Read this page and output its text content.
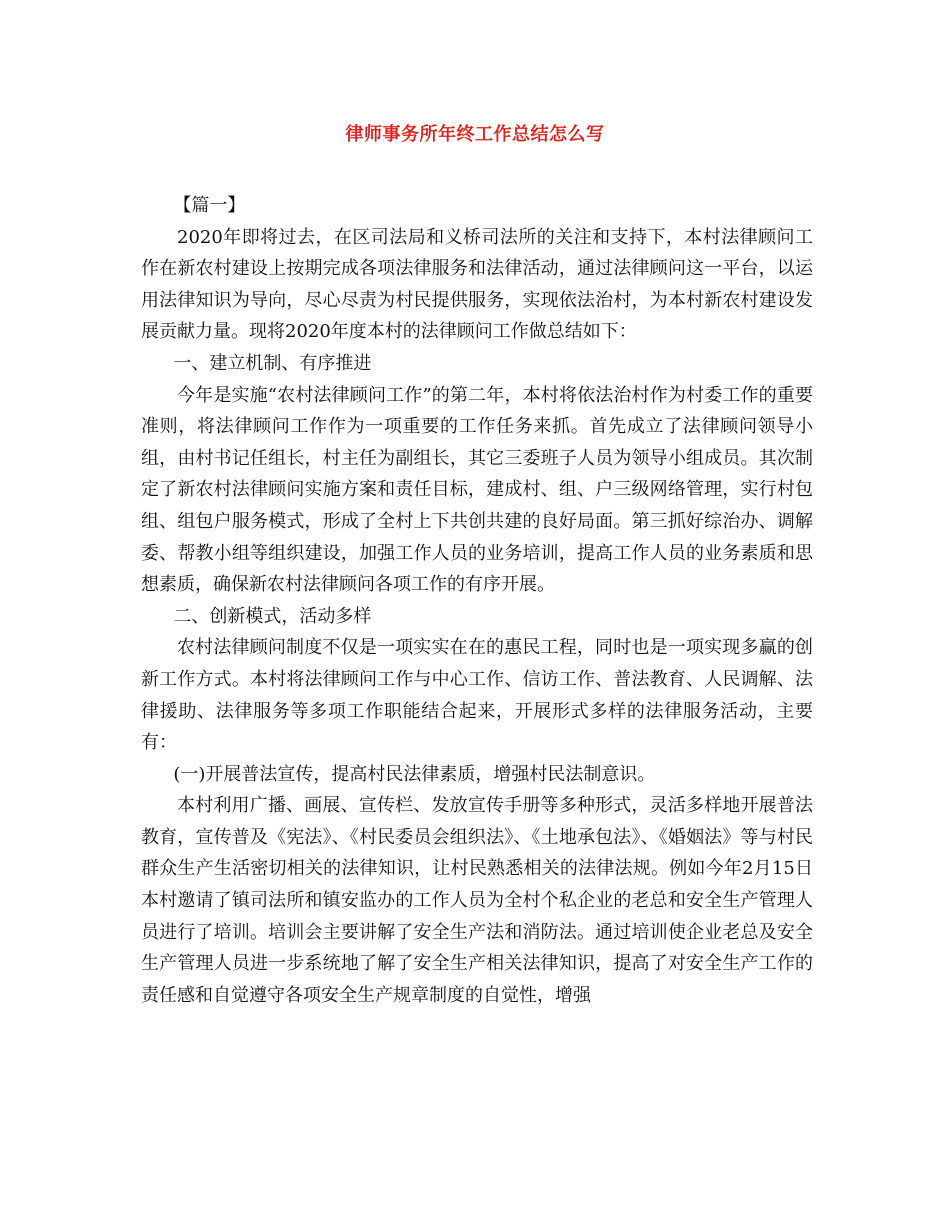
律师事务所年终工作总结怎么写

【篇一】

2020年即将过去，在区司法局和义桥司法所的关注和支持下，本村法律顾问工作在新农村建设上按期完成各项法律服务和法律活动，通过法律顾问这一平台，以运用法律知识为导向，尽心尽责为村民提供服务，实现依法治村，为本村新农村建设发展贡献力量。现将2020年度本村的法律顾问工作做总结如下：

一、建立机制、有序推进

今年是实施“农村法律顾问工作”的第二年，本村将依法治村作为村委工作的重要准则，将法律顾问工作作为一项重要的工作任务来抓。首先成立了法律顾问领导小组，由村书记任组长，村主任为副组长，其它三委班子人员为领导小组成员。其次制定了新农村法律顾问实施方案和责任目标，建成村、组、户三级网络管理，实行村包组、组包户服务模式，形成了全村上下共创共建的良好局面。第三抓好综治办、调解委、帮教小组等组织建设，加强工作人员的业务培训，提高工作人员的业务素质和思想素质，确保新农村法律顾问各项工作的有序开展。

二、创新模式，活动多样

农村法律顾问制度不仅是一项实实在在的惠民工程，同时也是一项实现多赢的创新工作方式。本村将法律顾问工作与中心工作、信访工作、普法教育、人民调解、法律援助、法律服务等多项工作职能结合起来，开展形式多样的法律服务活动，主要有：

(一)开展普法宣传，提高村民法律素质，增强村民法制意识。

本村利用广播、画展、宣传栏、发放宣传手册等多种形式，灵活多样地开展普法教育，宣传普及《宪法》、《村民委员会组织法》、《土地承包法》、《婚姻法》等与村民群众生产生活密切相关的法律知识，让村民熟悉相关的法律法规。例如今年2月15日本村邀请了镇司法所和镇安监办的工作人员为全村个私企业的老总和安全生产管理人员进行了培训。培训会主要讲解了安全生产法和消防法。通过培训使企业老总及安全生产管理人员进一步系统地了解了安全生产相关法律知识，提高了对安全生产工作的责任感和自觉遵守各项安全生产规章制度的自觉性，增强
